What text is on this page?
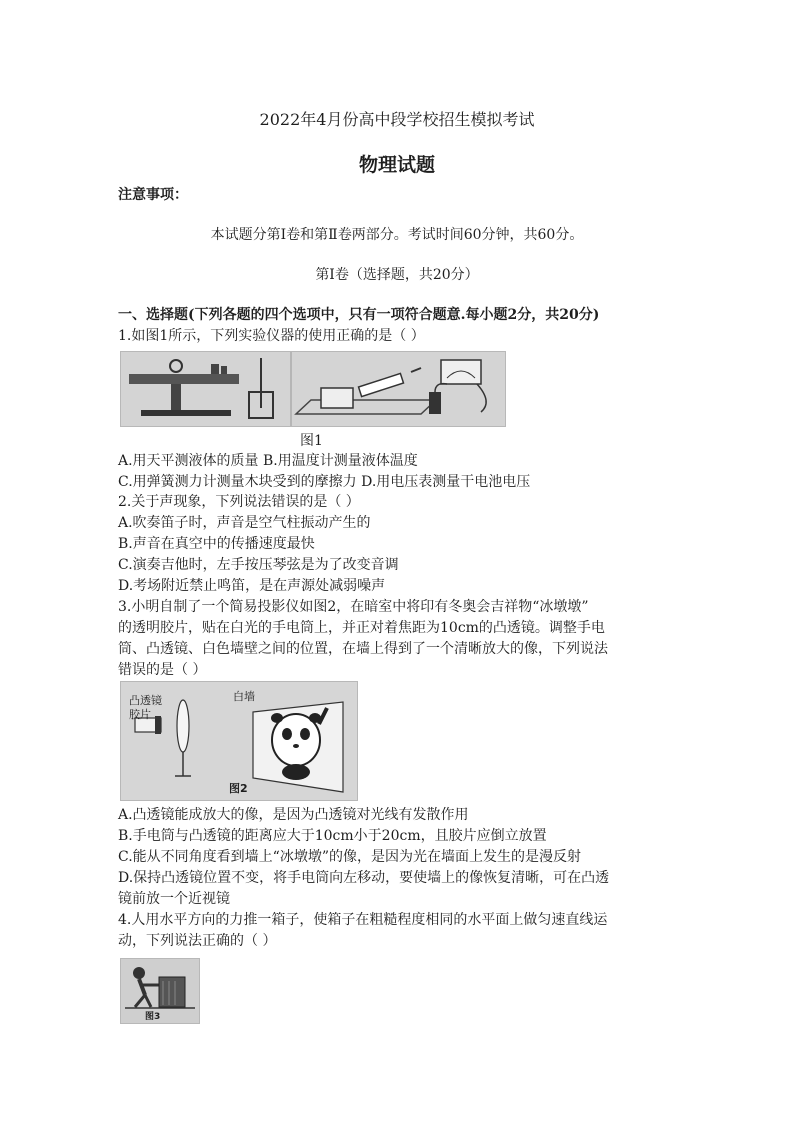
2022年4月份高中段学校招生模拟考试
物理试题
注意事项：
本试题分第Ⅰ卷和第Ⅱ卷两部分。考试时间60分钟，共60分。
第Ⅰ卷（选择题，共20分）
一、选择题(下列各题的四个选项中，只有一项符合题意.每小题2分，共20分)
1.如图1所示，下列实验仪器的使用正确的是（ ）
图1
A.用天平测液体的质量 B.用温度计测量液体温度
C.用弹簧测力计测量木块受到的摩擦力 D.用电压表测量干电池电压
2.关于声现象，下列说法错误的是（ ）
A.吹奏笛子时，声音是空气柱振动产生的
B.声音在真空中的传播速度最快
C.演奏吉他时，左手按压琴弦是为了改变音调
D.考场附近禁止鸣笛，是在声源处减弱噪声
3.小明自制了一个简易投影仪如图2，在暗室中将印有冬奥会吉祥物“冰墩墩”
的透明胶片，贴在白光的手电筒上，并正对着焦距为10cm的凸透镜。调整手电
筒、凸透镜、白色墙壁之间的位置，在墙上得到了一个清晰放大的像，下列说法
错误的是（ ）
凸透镜
胶片
白墙
图2
A.凸透镜能成放大的像，是因为凸透镜对光线有发散作用
B.手电筒与凸透镜的距离应大于10cm小于20cm，且胶片应倒立放置
C.能从不同角度看到墙上“冰墩墩”的像，是因为光在墙面上发生的是漫反射
D.保持凸透镜位置不变，将手电筒向左移动，要使墙上的像恢复清晰，可在凸透
镜前放一个近视镜
4.人用水平方向的力推一箱子，使箱子在粗糙程度相同的水平面上做匀速直线运
动，下列说法正确的（ ）
图3
